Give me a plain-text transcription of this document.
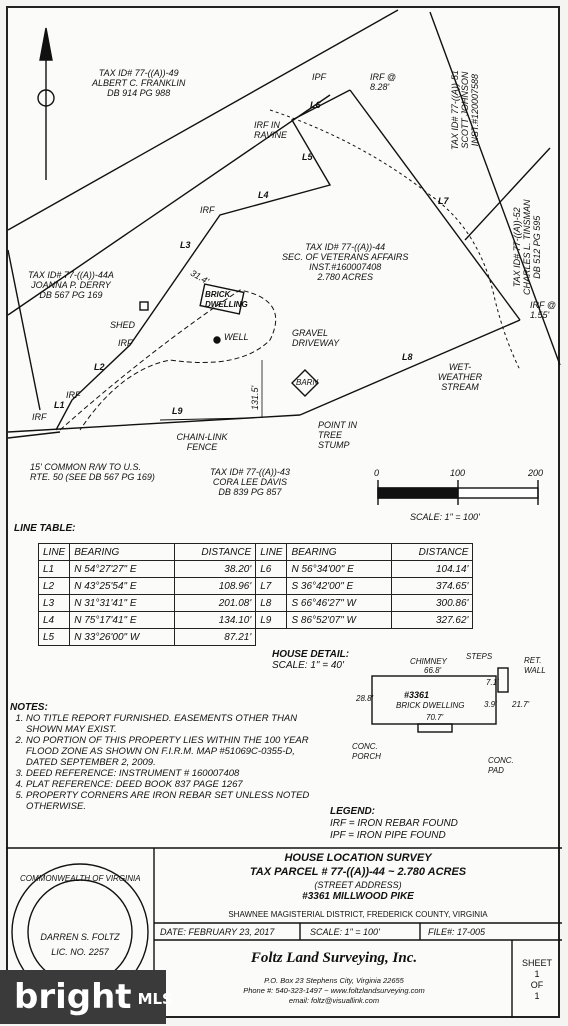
TAX ID# 77-((A))-49
ALBERT C. FRANKLIN
DB 914 PG 988	TAX ID# 77-((A))-51 SCOTT JOHNSON INST.#120007588
TAX ID# 77-((A))-52 CHARLES L. TINSMAN DB 512 PG 595
TAX ID# 77-((A))-44
SEC. OF VETERANS AFFAIRS
INST.#160007408
2.780 ACRES
TAX ID# 77-((A))-44A
JOANNA P. DERRY
DB 567 PG 169
TAX ID# 77-((A))-43
CORA LEE DAVIS
DB 839 PG 857
IPF	IRF @ 8.28'
IRF IN RAVINE
IRF
IRF
IRF
IRF
IRF @ 1.55'
SHED
BRICK DWELLING
WELL	GRAVEL DRIVEWAY
BARN
WET-WEATHER STREAM
POINT IN TREE STUMP
CHAIN-LINK FENCE
15' COMMON R/W TO U.S. RTE. 50 (SEE DB 567 PG 169)
131.5'
31.4'
L1
L2
L3
L4
L5
L6
L7
L8
L9
0	100	200
SCALE: 1" = 100'
LINE TABLE:
LINE	BEARING	DISTANCE	LINE	BEARING	DISTANCE
L1	N 54°27'27" E	38.20'	L6	N 56°34'00" E	104.14'
L2	N 43°25'54" E	108.96'	L7	S 36°42'00" E	374.65'
L3	N 31°31'41" E	201.08'	L8	S 66°46'27" W	300.86'
L4	N 75°17'41" E	134.10'	L9	S 86°52'07" W	327.62'
L5	N 33°26'00" W	87.21'			
HOUSE DETAIL:
SCALE: 1" = 40'	CHIMNEY
STEPS	RET. WALL
66.8'
28.8'
70.7'
7.1'
3.9' 21.7'
#3361
BRICK DWELLING
CONC. PORCH	CONC. PAD
NOTES:
1. NO TITLE REPORT FURNISHED. EASEMENTS OTHER THAN SHOWN MAY EXIST.
2. NO PORTION OF THIS PROPERTY LIES WITHIN THE 100 YEAR FLOOD ZONE AS SHOWN ON F.I.R.M. MAP #51069C-0355-D, DATED SEPTEMBER 2, 2009.
3. DEED REFERENCE: INSTRUMENT # 160007408
4. PLAT REFERENCE: DEED BOOK 837 PAGE 1267
5. PROPERTY CORNERS ARE IRON REBAR SET UNLESS NOTED OTHERWISE.	LEGEND:
IRF = IRON REBAR FOUND
IPF = IRON PIPE FOUND
COMMONWEALTH OF VIRGINIA
DARREN S. FOLTZ
LIC. NO. 2257
HOUSE LOCATION SURVEY
TAX PARCEL # 77-((A))-44 ~ 2.780 ACRES
(STREET ADDRESS)
#3361 MILLWOOD PIKE
SHAWNEE MAGISTERIAL DISTRICT, FREDERICK COUNTY, VIRGINIA
DATE: FEBRUARY 23, 2017	SCALE: 1" = 100'	FILE#: 17-005
Foltz Land Surveying, Inc.
P.O. Box 23 Stephens City, Virginia 22655
Phone #: 540-323-1497 ~ www.foltzlandsurveying.com
email: foltz@visuallink.com
SHEET
1
OF
1
bright MLS
